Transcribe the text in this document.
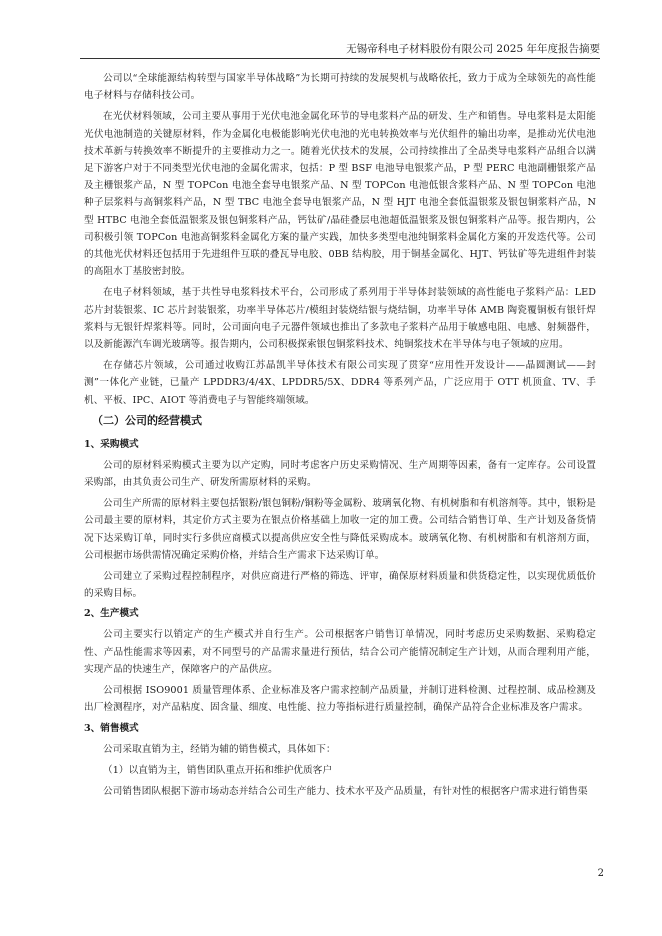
无锡帝科电子材料股份有限公司 2025 年年度报告摘要

公司以“全球能源结构转型与国家半导体战略”为长期可持续的发展契机与战略依托，致力于成为全球领先的高性能电子材料与存储科技公司。

在光伏材料领域，公司主要从事用于光伏电池金属化环节的导电浆料产品的研发、生产和销售。导电浆料是太阳能光伏电池制造的关键原材料，作为金属化电极能影响光伏电池的光电转换效率与光伏组件的输出功率，是推动光伏电池技术革新与转换效率不断提升的主要推动力之一。随着光伏技术的发展，公司持续推出了全品类导电浆料产品组合以满足下游客户对于不同类型光伏电池的金属化需求，包括：P 型 BSF 电池导电银浆产品，P 型 PERC 电池副栅银浆产品及主栅银浆产品，N 型 TOPCon 电池全套导电银浆产品、N 型 TOPCon 电池低银含浆料产品、N 型 TOPCon 电池种子层浆料与高铜浆料产品，N 型 TBC 电池全套导电银浆产品，N 型 HJT 电池全套低温银浆及银包铜浆料产品，N 型 HTBC 电池全套低温银浆及银包铜浆料产品，钙钛矿/晶硅叠层电池超低温银浆及银包铜浆料产品等。报告期内，公司积极引领 TOPCon 电池高铜浆料金属化方案的量产实践，加快多类型电池纯铜浆料金属化方案的开发迭代等。公司的其他光伏材料还包括用于先进组件互联的叠瓦导电胶、0BB 结构胶，用于铜基金属化、HJT、钙钛矿等先进组件封装的高阻水丁基胶密封胶。

在电子材料领域，基于共性导电浆料技术平台，公司形成了系列用于半导体封装领域的高性能电子浆料产品：LED 芯片封装银浆、IC 芯片封装银浆，功率半导体芯片/模组封装烧结银与烧结铜，功率半导体 AMB 陶瓷覆铜板有银钎焊浆料与无银钎焊浆料等。同时，公司面向电子元器件领域也推出了多款电子浆料产品用于敏感电阻、电感、射频器件，以及新能源汽车调光玻璃等。报告期内，公司积极探索银包铜浆料技术、纯铜浆技术在半导体与电子领域的应用。

在存储芯片领域，公司通过收购江苏晶凯半导体技术有限公司实现了贯穿“应用性开发设计——晶圆测试——封测”一体化产业链，已量产 LPDDR3/4/4X、LPDDR5/5X、DDR4 等系列产品，广泛应用于 OTT 机顶盒、TV、手机、平板、IPC、AIOT 等消费电子与智能终端领域。

（二）公司的经营模式
1、采购模式

公司的原材料采购模式主要为以产定购，同时考虑客户历史采购情况、生产周期等因素，备有一定库存。公司设置采购部，由其负责公司生产、研发所需原材料的采购。

公司生产所需的原材料主要包括银粉/银包铜粉/铜粉等金属粉、玻璃氧化物、有机树脂和有机溶剂等。其中，银粉是公司最主要的原材料，其定价方式主要为在银点价格基础上加收一定的加工费。公司结合销售订单、生产计划及备货情况下达采购订单，同时实行多供应商模式以提高供应安全性与降低采购成本。玻璃氧化物、有机树脂和有机溶剂方面，公司根据市场供需情况确定采购价格，并结合生产需求下达采购订单。

公司建立了采购过程控制程序，对供应商进行严格的筛选、评审，确保原材料质量和供货稳定性，以实现优质低价的采购目标。

2、生产模式

公司主要实行以销定产的生产模式并自行生产。公司根据客户销售订单情况，同时考虑历史采购数据、采购稳定性、产品性能需求等因素，对不同型号的产品需求量进行预估，结合公司产能情况制定生产计划，从而合理利用产能，实现产品的快速生产，保障客户的产品供应。

公司根据 ISO9001 质量管理体系、企业标准及客户需求控制产品质量，并制订进料检测、过程控制、成品检测及出厂检测程序，对产品粘度、固含量、细度、电性能、拉力等指标进行质量控制，确保产品符合企业标准及客户需求。

3、销售模式

公司采取直销为主，经销为辅的销售模式，具体如下：

（1）以直销为主，销售团队重点开拓和维护优质客户

公司销售团队根据下游市场动态并结合公司生产能力、技术水平及产品质量，有针对性的根据客户需求进行销售渠

2
